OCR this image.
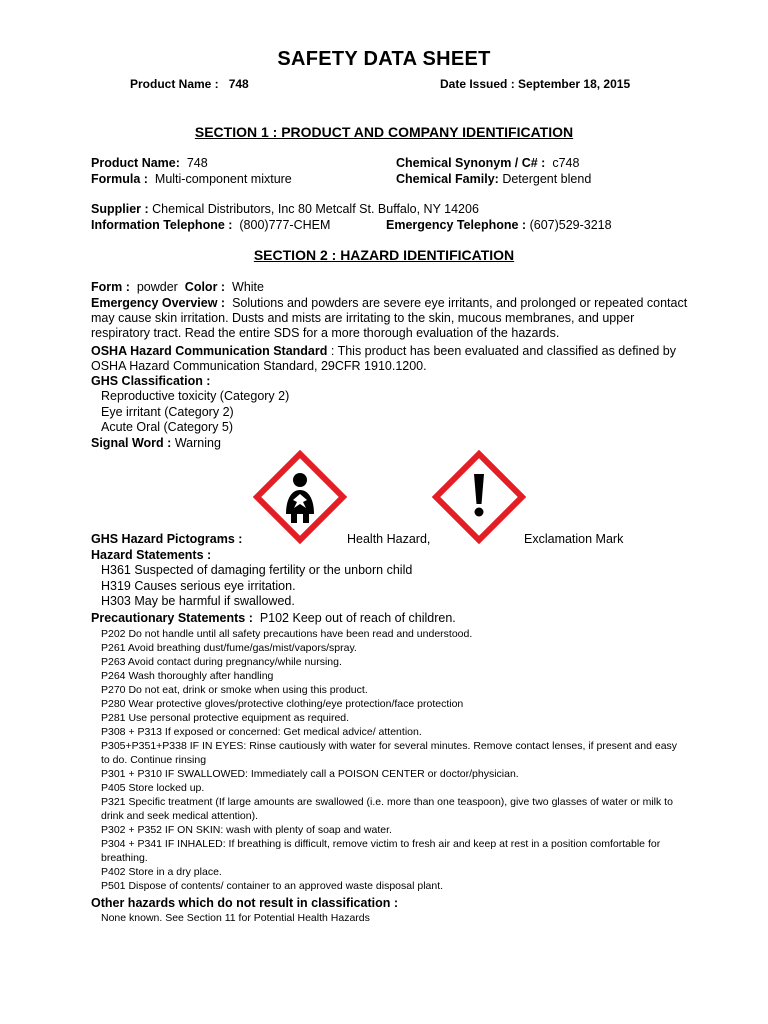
SAFETY DATA SHEET
Product Name : 748	Date Issued : September 18, 2015
SECTION 1 : PRODUCT AND COMPANY IDENTIFICATION
Product Name: 748
Formula : Multi-component mixture
Chemical Synonym / C# : c748
Chemical Family: Detergent blend
Supplier : Chemical Distributors, Inc 80 Metcalf St. Buffalo, NY 14206
Information Telephone : (800)777-CHEM	Emergency Telephone : (607)529-3218
SECTION 2 : HAZARD IDENTIFICATION
Form : powder Color : White
Emergency Overview : Solutions and powders are severe eye irritants, and prolonged or repeated contact may cause skin irritation. Dusts and mists are irritating to the skin, mucous membranes, and upper respiratory tract. Read the entire SDS for a more thorough evaluation of the hazards.
OSHA Hazard Communication Standard : This product has been evaluated and classified as defined by OSHA Hazard Communication Standard, 29CFR 1910.1200.
GHS Classification :
Reproductive toxicity (Category 2)
Eye irritant (Category 2)
Acute Oral (Category 5)
Signal Word : Warning
GHS Hazard Pictograms :	Health Hazard,	Exclamation Mark
Hazard Statements :
H361 Suspected of damaging fertility or the unborn child
H319 Causes serious eye irritation.
H303 May be harmful if swallowed.
Precautionary Statements : P102 Keep out of reach of children.
P202 Do not handle until all safety precautions have been read and understood.
P261 Avoid breathing dust/fume/gas/mist/vapors/spray.
P263 Avoid contact during pregnancy/while nursing.
P264 Wash thoroughly after handling
P270 Do not eat, drink or smoke when using this product.
P280 Wear protective gloves/protective clothing/eye protection/face protection
P281 Use personal protective equipment as required.
P308 + P313 If exposed or concerned: Get medical advice/ attention.
P305+P351+P338 IF IN EYES: Rinse cautiously with water for several minutes. Remove contact lenses, if present and easy to do. Continue rinsing
P301 + P310 IF SWALLOWED: Immediately call a POISON CENTER or doctor/physician.
P405 Store locked up.
P321 Specific treatment (If large amounts are swallowed (i.e. more than one teaspoon), give two glasses of water or milk to drink and seek medical attention).
P302 + P352 IF ON SKIN: wash with plenty of soap and water.
P304 + P341 IF INHALED: If breathing is difficult, remove victim to fresh air and keep at rest in a position comfortable for breathing.
P402 Store in a dry place.
P501 Dispose of contents/ container to an approved waste disposal plant.
Other hazards which do not result in classification :
None known. See Section 11 for Potential Health Hazards
